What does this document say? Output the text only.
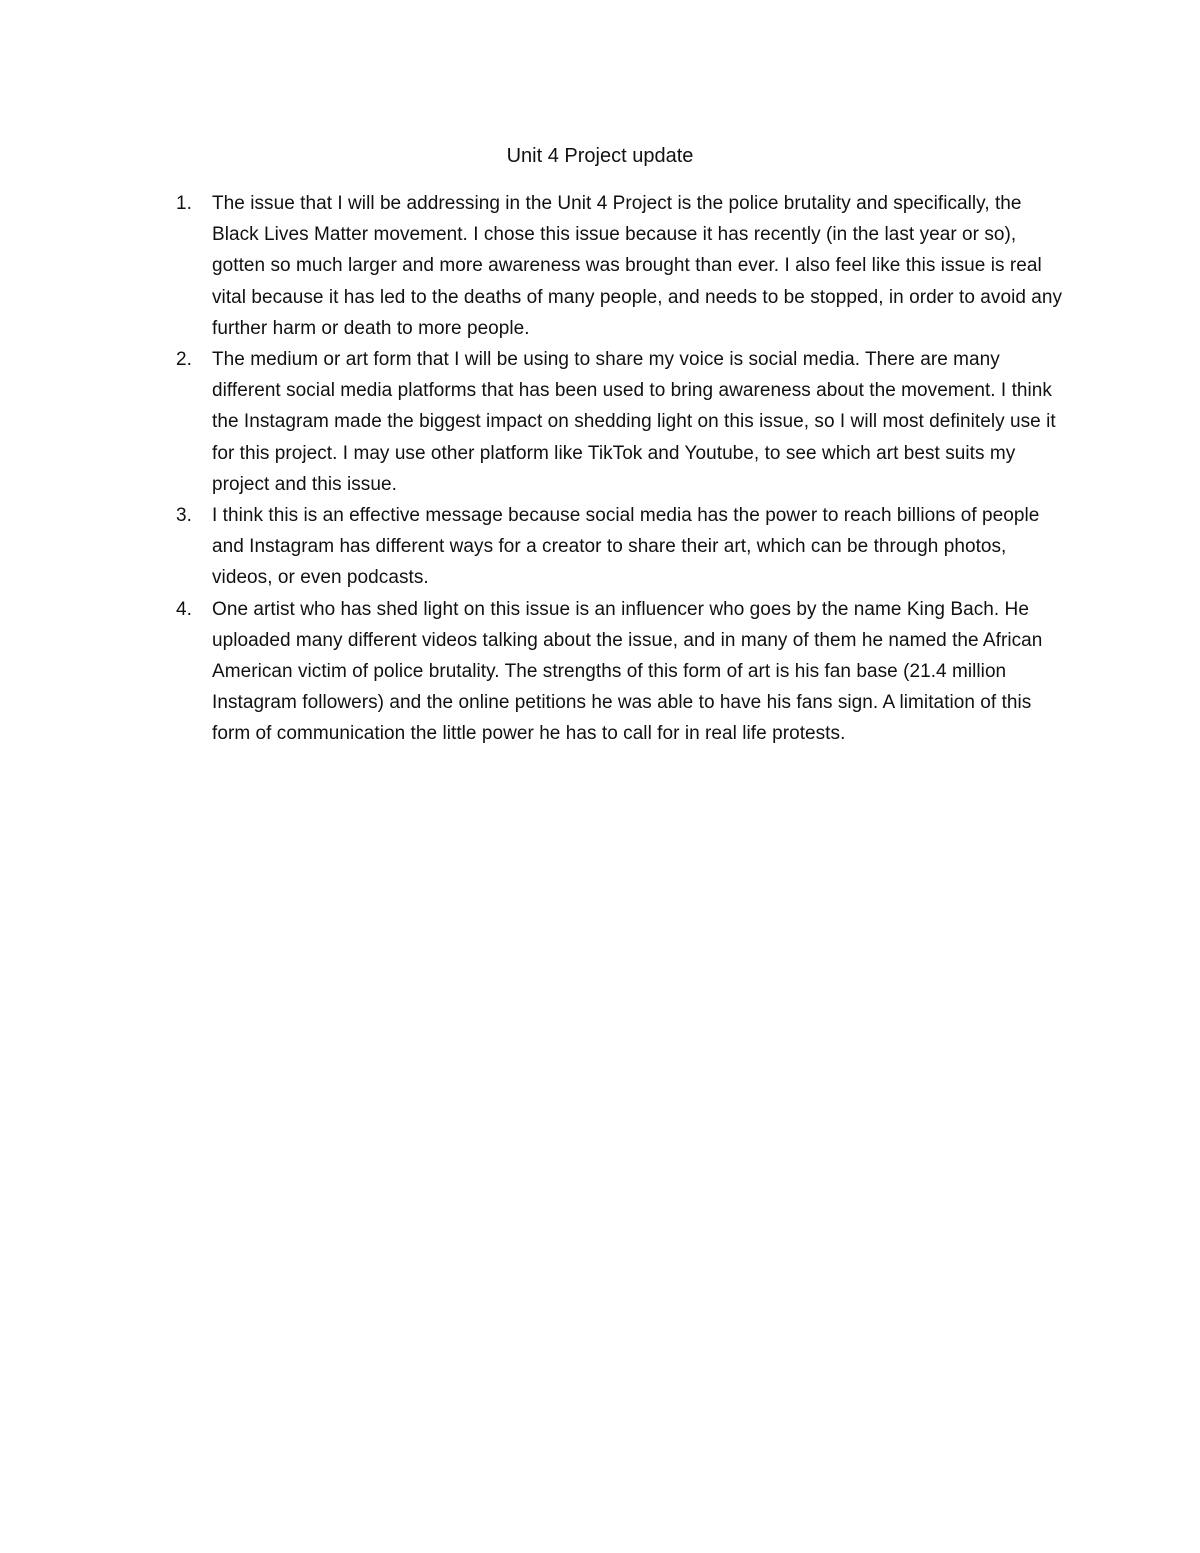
Unit 4 Project update
1. The issue that I will be addressing in the Unit 4 Project is the police brutality and specifically, the Black Lives Matter movement. I chose this issue because it has recently (in the last year or so), gotten so much larger and more awareness was brought than ever. I also feel like this issue is real vital because it has led to the deaths of many people, and needs to be stopped, in order to avoid any further harm or death to more people.
2. The medium or art form that I will be using to share my voice is social media. There are many different social media platforms that has been used to bring awareness about the movement. I think the Instagram made the biggest impact on shedding light on this issue, so I will most definitely use it for this project. I may use other platform like TikTok and Youtube, to see which art best suits my project and this issue.
3. I think this is an effective message because social media has the power to reach billions of people and Instagram has different ways for a creator to share their art, which can be through photos, videos, or even podcasts.
4. One artist who has shed light on this issue is an influencer who goes by the name King Bach. He uploaded many different videos talking about the issue, and in many of them he named the African American victim of police brutality. The strengths of this form of art is his fan base (21.4 million Instagram followers) and the online petitions he was able to have his fans sign. A limitation of this form of communication the little power he has to call for in real life protests.
